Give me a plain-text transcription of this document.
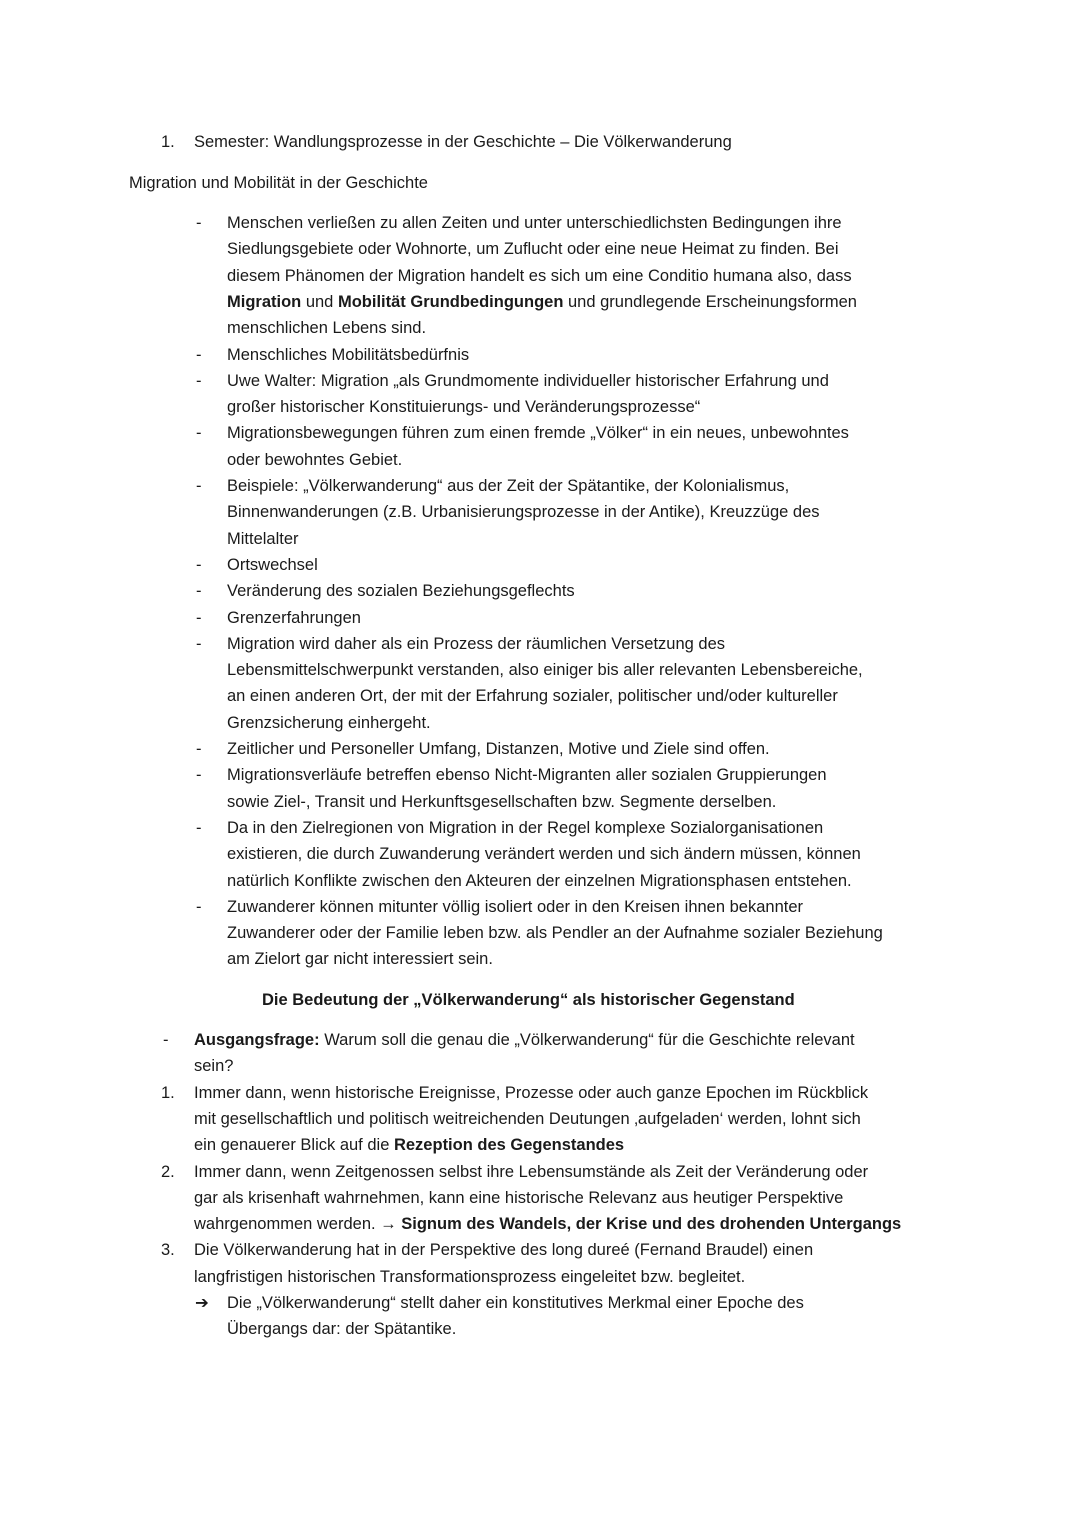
1. Semester: Wandlungsprozesse in der Geschichte – Die Völkerwanderung
Migration und Mobilität in der Geschichte
- Menschen verließen zu allen Zeiten und unter unterschiedlichsten Bedingungen ihre
Siedlungsgebiete oder Wohnorte, um Zuflucht oder eine neue Heimat zu finden. Bei
diesem Phänomen der Migration handelt es sich um eine Conditio humana also, dass
Migration und Mobilität Grundbedingungen und grundlegende Erscheinungsformen
menschlichen Lebens sind.
- Menschliches Mobilitätsbedürfnis
- Uwe Walter: Migration „als Grundmomente individueller historischer Erfahrung und
großer historischer Konstituierungs- und Veränderungsprozesse“
- Migrationsbewegungen führen zum einen fremde „Völker“ in ein neues, unbewohntes
oder bewohntes Gebiet.
- Beispiele: „Völkerwanderung“ aus der Zeit der Spätantike, der Kolonialismus,
Binnenwanderungen (z.B. Urbanisierungsprozesse in der Antike), Kreuzzüge des
Mittelalter
- Ortswechsel
- Veränderung des sozialen Beziehungsgeflechts
- Grenzerfahrungen
- Migration wird daher als ein Prozess der räumlichen Versetzung des
Lebensmittelschwerpunkt verstanden, also einiger bis aller relevanten Lebensbereiche,
an einen anderen Ort, der mit der Erfahrung sozialer, politischer und/oder kultureller
Grenzsicherung einhergeht.
- Zeitlicher und Personeller Umfang, Distanzen, Motive und Ziele sind offen.
- Migrationsverläufe betreffen ebenso Nicht-Migranten aller sozialen Gruppierungen
sowie Ziel-, Transit und Herkunftsgesellschaften bzw. Segmente derselben.
- Da in den Zielregionen von Migration in der Regel komplexe Sozialorganisationen
existieren, die durch Zuwanderung verändert werden und sich ändern müssen, können
natürlich Konflikte zwischen den Akteuren der einzelnen Migrationsphasen entstehen.
- Zuwanderer können mitunter völlig isoliert oder in den Kreisen ihnen bekannter
Zuwanderer oder der Familie leben bzw. als Pendler an der Aufnahme sozialer Beziehung
am Zielort gar nicht interessiert sein.
Die Bedeutung der „Völkerwanderung“ als historischer Gegenstand
- Ausgangsfrage: Warum soll die genau die „Völkerwanderung“ für die Geschichte relevant
sein?
1. Immer dann, wenn historische Ereignisse, Prozesse oder auch ganze Epochen im Rückblick
mit gesellschaftlich und politisch weitreichenden Deutungen ‚aufgeladen‘ werden, lohnt sich
ein genauerer Blick auf die Rezeption des Gegenstandes
2. Immer dann, wenn Zeitgenossen selbst ihre Lebensumstände als Zeit der Veränderung oder
gar als krisenhaft wahrnehmen, kann eine historische Relevanz aus heutiger Perspektive
wahrgenommen werden. → Signum des Wandels, der Krise und des drohenden Untergangs
3. Die Völkerwanderung hat in der Perspektive des long dureé (Fernand Braudel) einen
langfristigen historischen Transformationsprozess eingeleitet bzw. begleitet.
➔ Die „Völkerwanderung“ stellt daher ein konstitutives Merkmal einer Epoche des
Übergangs dar: der Spätantike.
